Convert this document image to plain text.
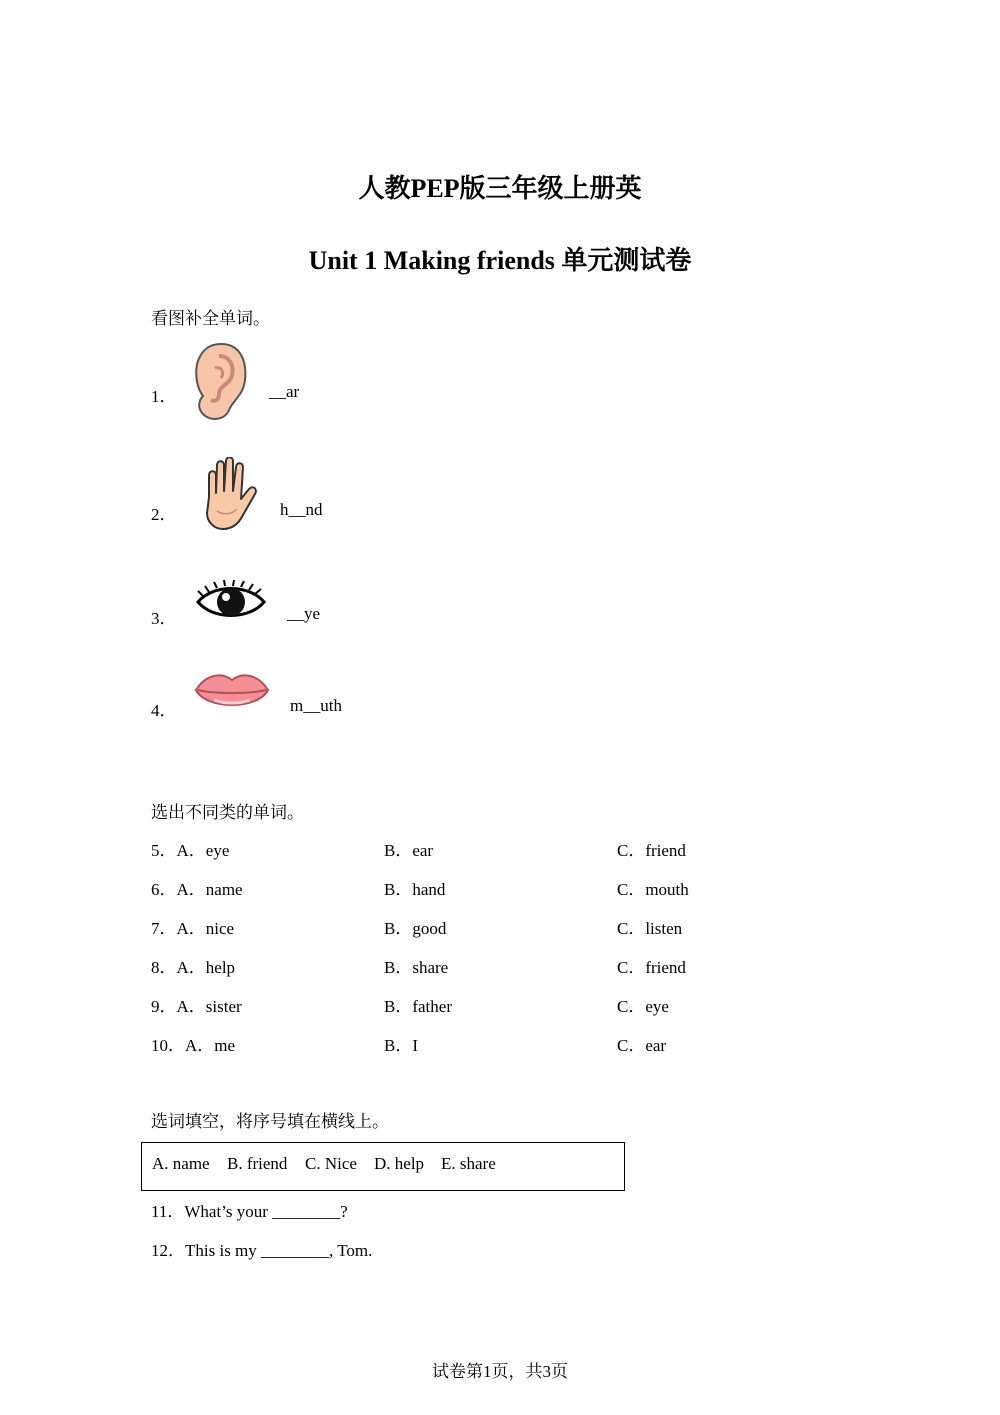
人教PEP版三年级上册英
Unit 1 Making friends 单元测试卷
看图补全单词。
1．	__ar
2．	h__nd
3．	__ye
4．	m__uth
选出不同类的单词。
5．A．eye	B．ear	C．friend
6．A．name	B．hand	C．mouth
7．A．nice	B．good	C．listen
8．A．help	B．share	C．friend
9．A．sister	B．father	C．eye
10．A．me	B．I	C．ear
选词填空，将序号填在横线上。
A. name B. friend C. Nice D. help E. share
11．What’s your ________?
12．This is my ________, Tom.
试卷第1页，共3页
